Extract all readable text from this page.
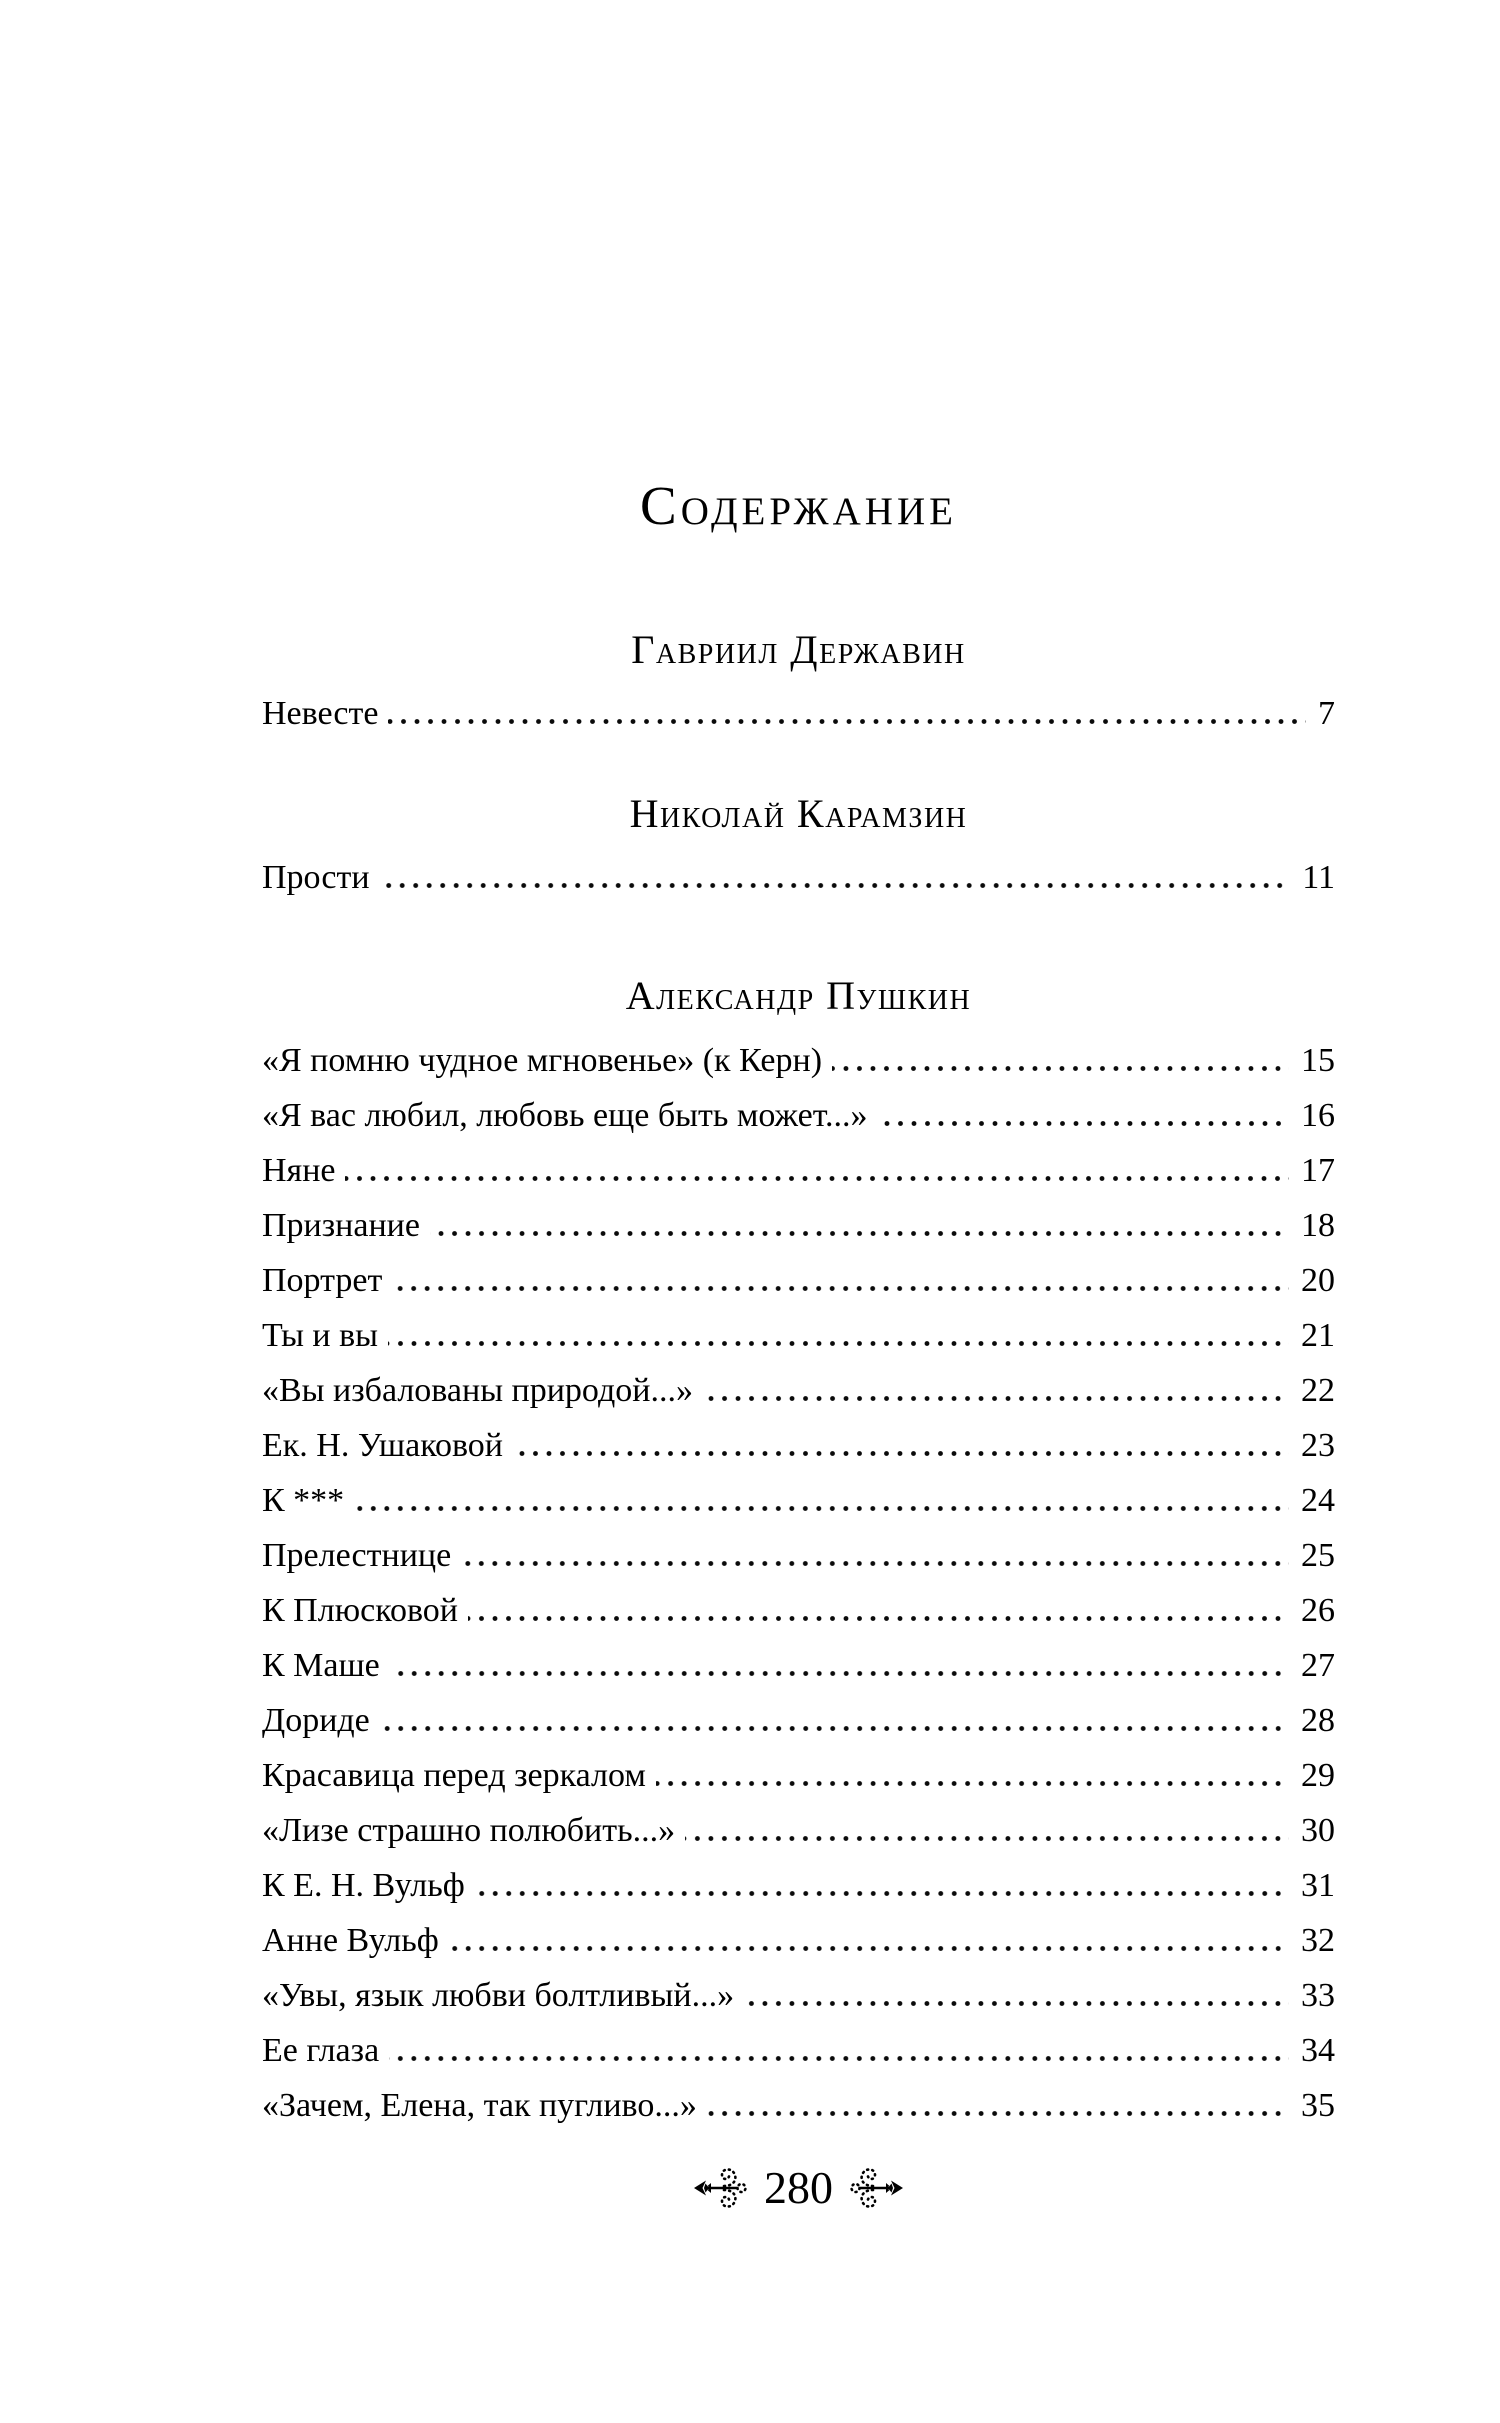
Содержание
Гавриил Державин
Невесте	7
Николай Карамзин
Прости	11
Александр Пушкин
«Я помню чудное мгновенье» (к Керн)	15
«Я вас любил, любовь еще быть может...»	16
Няне	17
Признание	18
Портрет	20
Ты и вы	21
«Вы избалованы природой...»	22
Ек. Н. Ушаковой	23
К ***	24
Прелестнице	25
К Плюсковой	26
К Маше	27
Дориде	28
Красавица перед зеркалом	29
«Лизе страшно полюбить...»	30
К Е. Н. Вульф	31
Анне Вульф	32
«Увы, язык любви болтливый...»	33
Ее глаза	34
«Зачем, Елена, так пугливо...»	35
280
